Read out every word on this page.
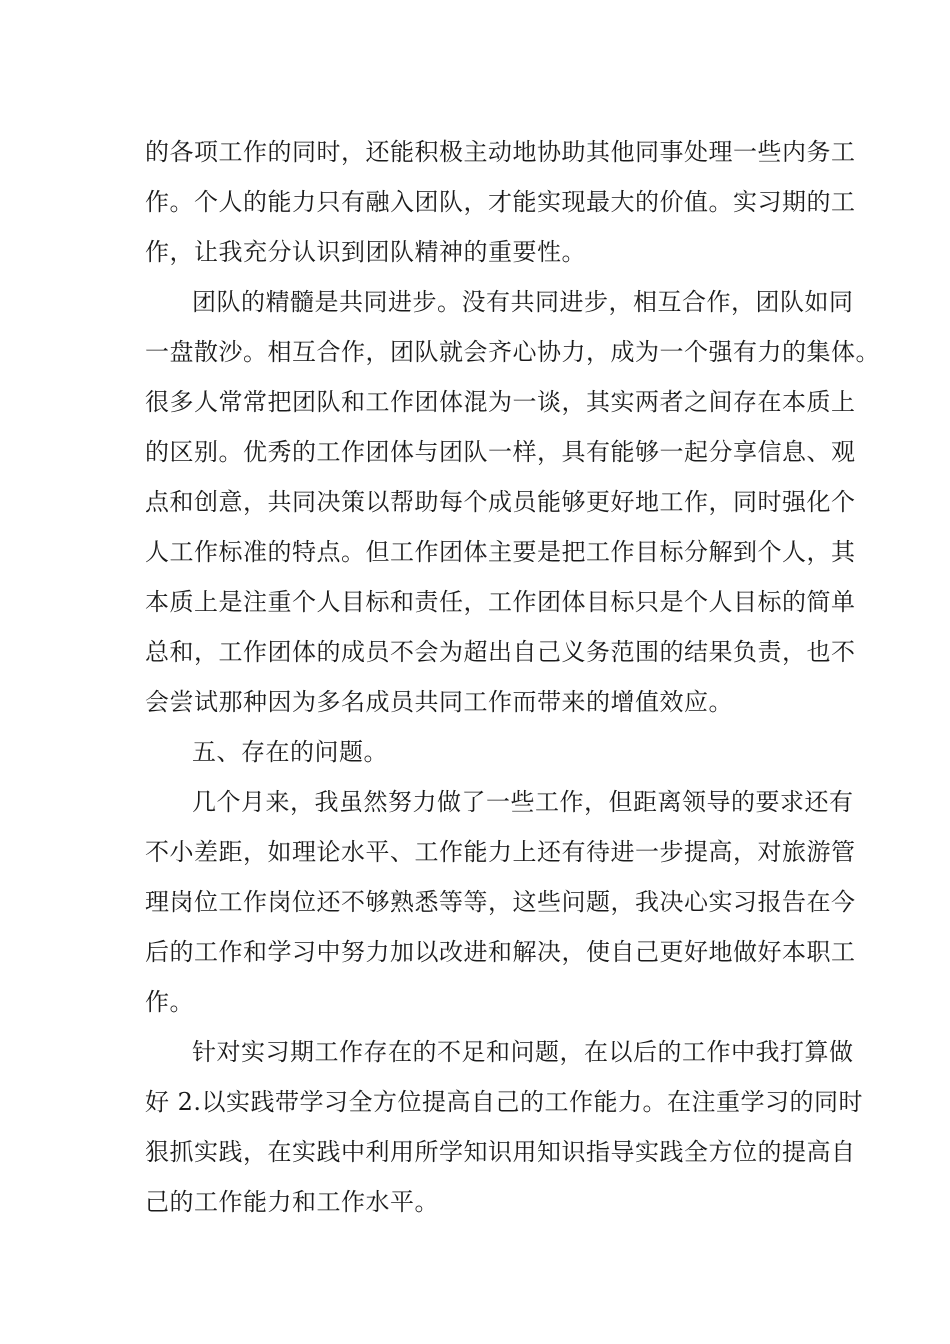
的各项工作的同时，还能积极主动地协助其他同事处理一些内务工
作。个人的能力只有融入团队，才能实现最大的价值。实习期的工
作，让我充分认识到团队精神的重要性。
团队的精髓是共同进步。没有共同进步，相互合作，团队如同
一盘散沙。相互合作，团队就会齐心协力，成为一个强有力的集体。
很多人常常把团队和工作团体混为一谈，其实两者之间存在本质上
的区别。优秀的工作团体与团队一样，具有能够一起分享信息、观
点和创意，共同决策以帮助每个成员能够更好地工作，同时强化个
人工作标准的特点。但工作团体主要是把工作目标分解到个人，其
本质上是注重个人目标和责任，工作团体目标只是个人目标的简单
总和，工作团体的成员不会为超出自己义务范围的结果负责，也不
会尝试那种因为多名成员共同工作而带来的增值效应。
五、存在的问题。
几个月来，我虽然努力做了一些工作，但距离领导的要求还有
不小差距，如理论水平、工作能力上还有待进一步提高，对旅游管
理岗位工作岗位还不够熟悉等等，这些问题，我决心实习报告在今
后的工作和学习中努力加以改进和解决，使自己更好地做好本职工
作。
针对实习期工作存在的不足和问题，在以后的工作中我打算做
好 2.以实践带学习全方位提高自己的工作能力。在注重学习的同时
狠抓实践，在实践中利用所学知识用知识指导实践全方位的提高自
己的工作能力和工作水平。
